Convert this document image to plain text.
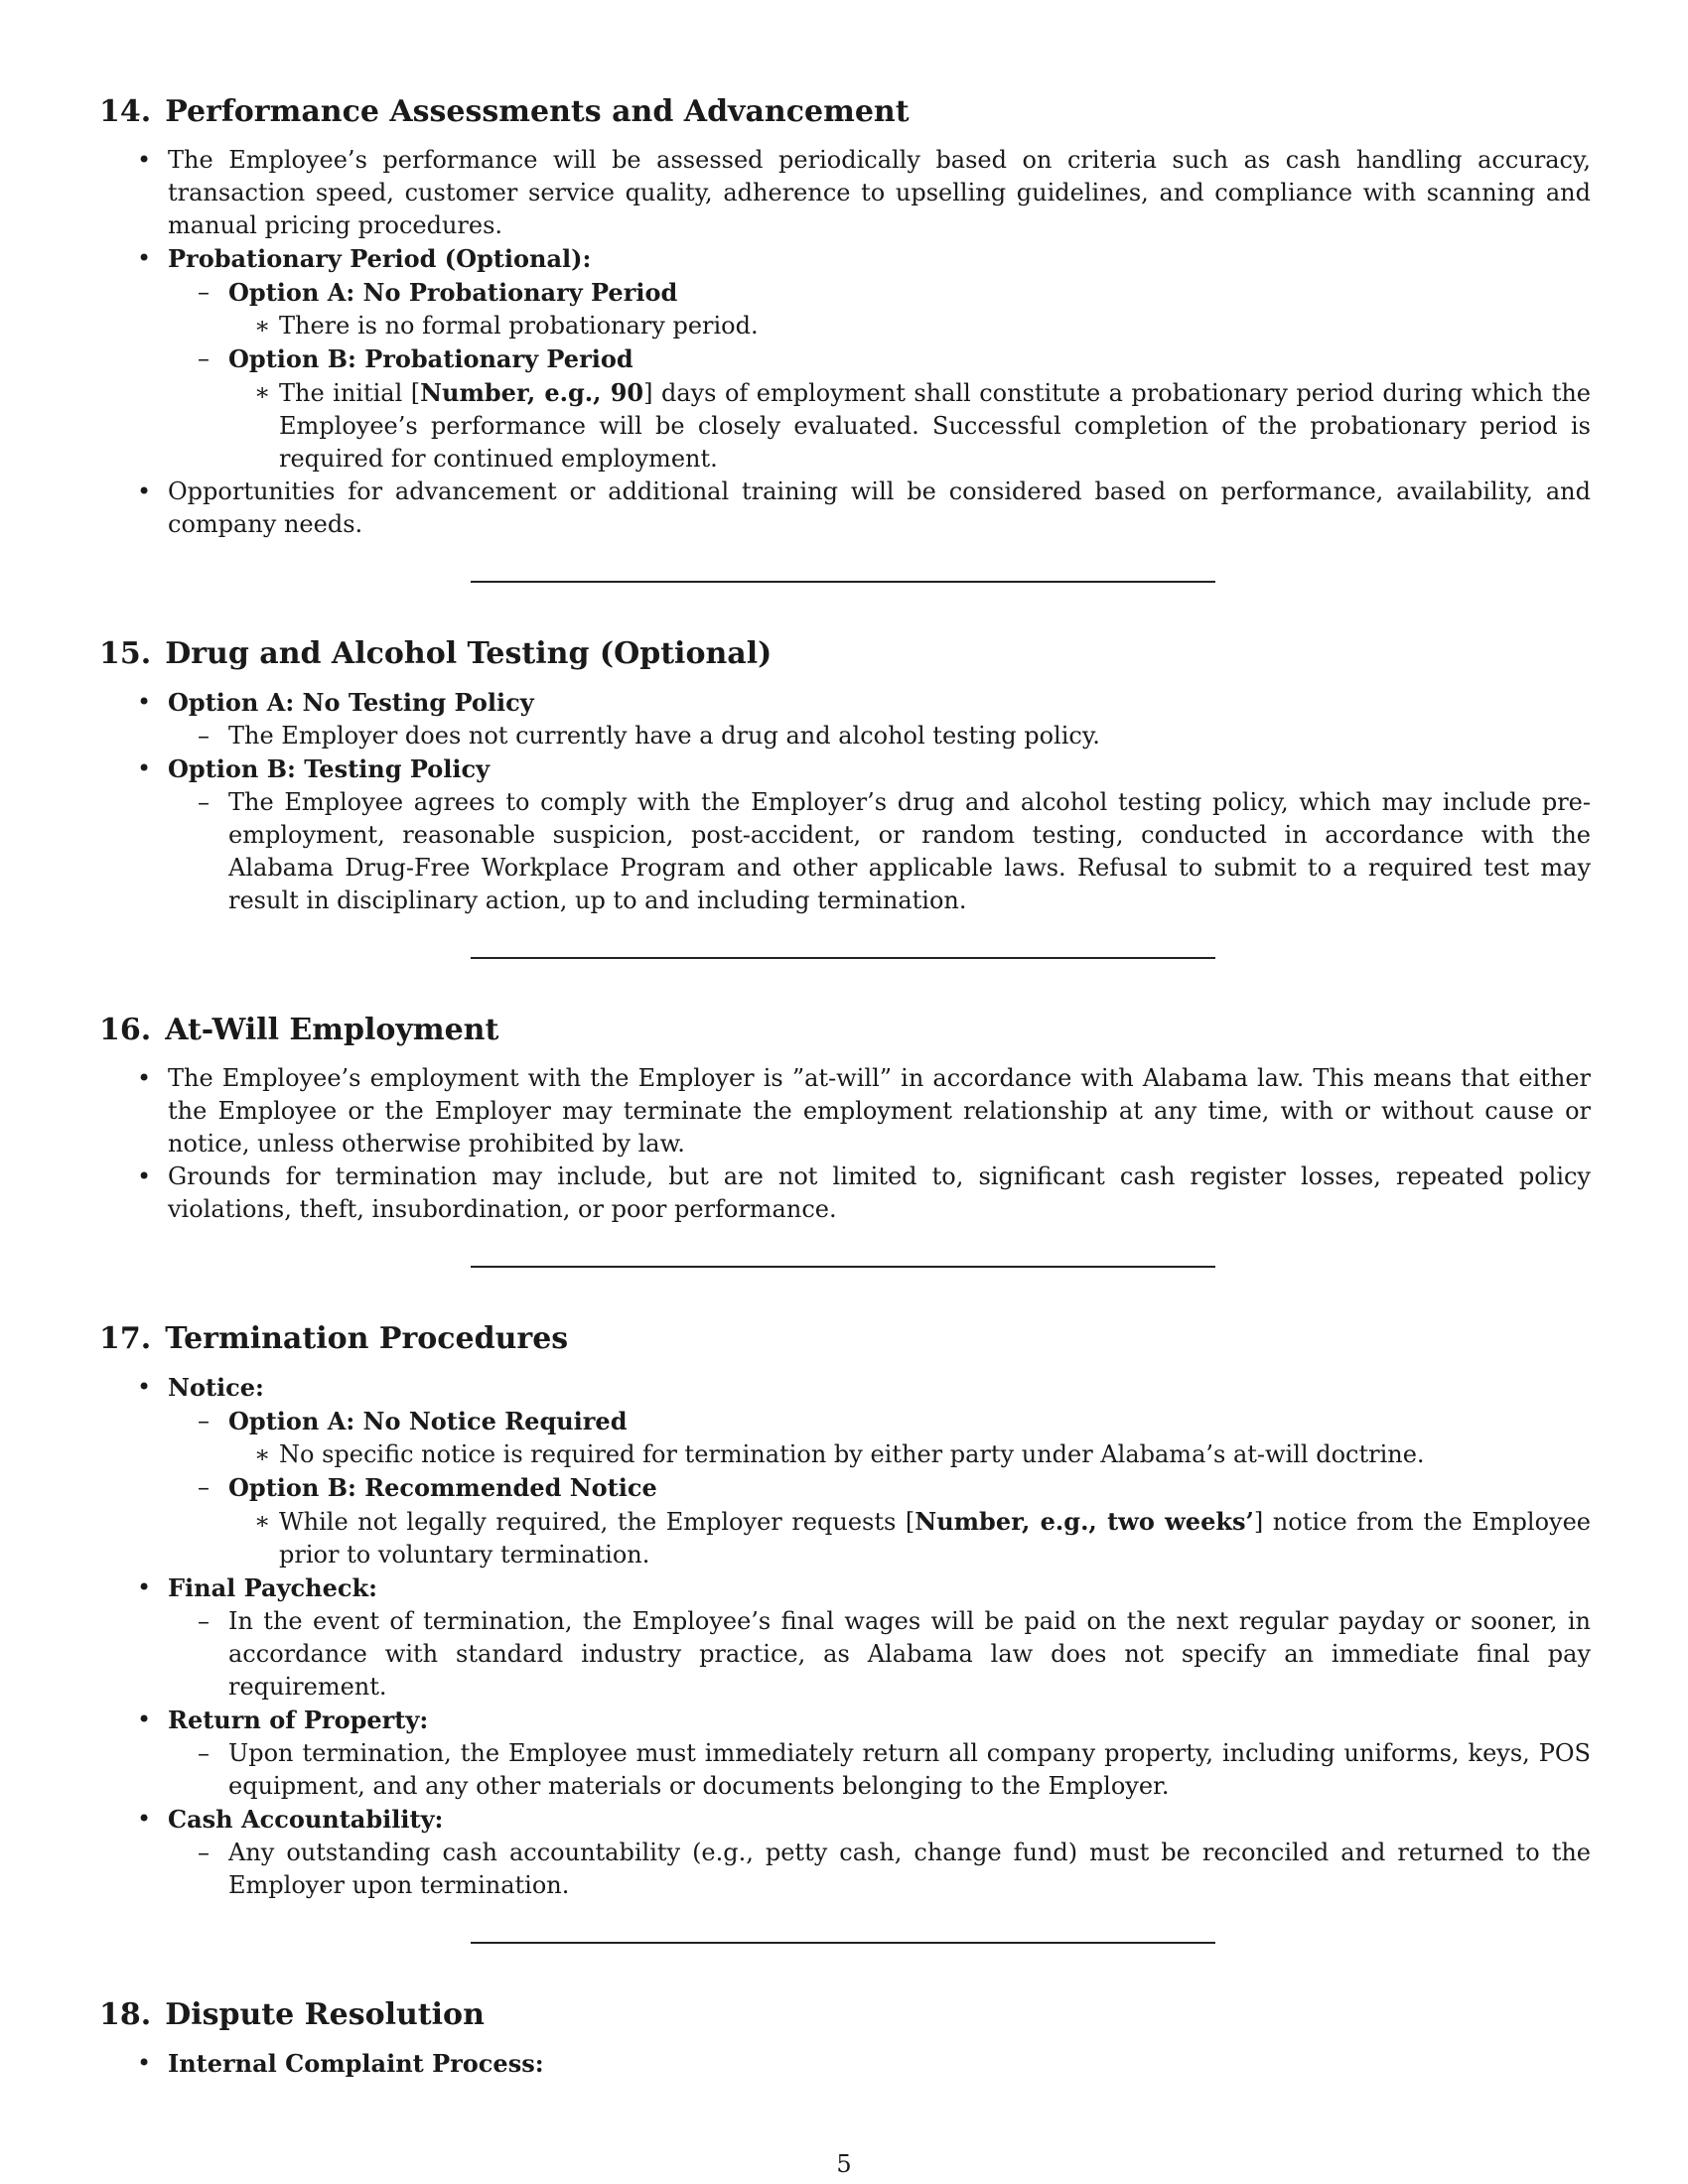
14. Performance Assessments and Advancement
• The Employee’s performance will be assessed periodically based on criteria such as cash handling accuracy, transaction speed, customer service quality, adherence to upselling guidelines, and compliance with scanning and manual pricing procedures.
• Probationary Period (Optional):
– Option A: No Probationary Period
∗ There is no formal probationary period.
– Option B: Probationary Period
∗ The initial [Number, e.g., 90] days of employment shall constitute a probationary period during which the Employee’s performance will be closely evaluated. Successful completion of the probationary period is required for continued employment.
• Opportunities for advancement or additional training will be considered based on performance, availability, and company needs.
15. Drug and Alcohol Testing (Optional)
• Option A: No Testing Policy
– The Employer does not currently have a drug and alcohol testing policy.
• Option B: Testing Policy
– The Employee agrees to comply with the Employer’s drug and alcohol testing policy, which may include pre-employment, reasonable suspicion, post-accident, or random testing, conducted in accordance with the Alabama Drug-Free Workplace Program and other applicable laws. Refusal to submit to a required test may result in disciplinary action, up to and including termination.
16. At-Will Employment
• The Employee’s employment with the Employer is ”at-will” in accordance with Alabama law. This means that either the Employee or the Employer may terminate the employment relationship at any time, with or without cause or notice, unless otherwise prohibited by law.
• Grounds for termination may include, but are not limited to, significant cash register losses, repeated policy violations, theft, insubordination, or poor performance.
17. Termination Procedures
• Notice:
– Option A: No Notice Required
∗ No specific notice is required for termination by either party under Alabama’s at-will doctrine.
– Option B: Recommended Notice
∗ While not legally required, the Employer requests [Number, e.g., two weeks’] notice from the Employee prior to voluntary termination.
• Final Paycheck:
– In the event of termination, the Employee’s final wages will be paid on the next regular payday or sooner, in accordance with standard industry practice, as Alabama law does not specify an immediate final pay requirement.
• Return of Property:
– Upon termination, the Employee must immediately return all company property, including uniforms, keys, POS equipment, and any other materials or documents belonging to the Employer.
• Cash Accountability:
– Any outstanding cash accountability (e.g., petty cash, change fund) must be reconciled and returned to the Employer upon termination.
18. Dispute Resolution
• Internal Complaint Process:
5
